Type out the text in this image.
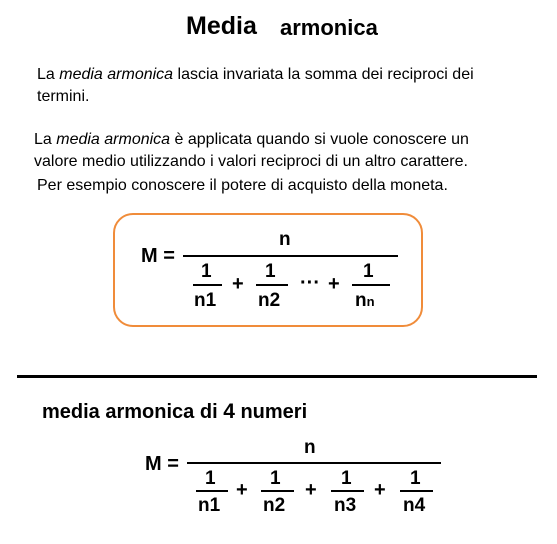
Media armonica
La media armonica lascia invariata la somma dei reciproci dei
termini.
La media armonica è applicata quando si vuole conoscere un
valore medio utilizzando i valori reciproci di un altro carattere.
Per esempio conoscere il potere di acquisto della moneta.
M =
n
1
n1
+
1
n2
··· +
1
nn
media armonica di 4 numeri
M =
n
1
n1
+
1
n2
+
1
n3
+
1
n4
